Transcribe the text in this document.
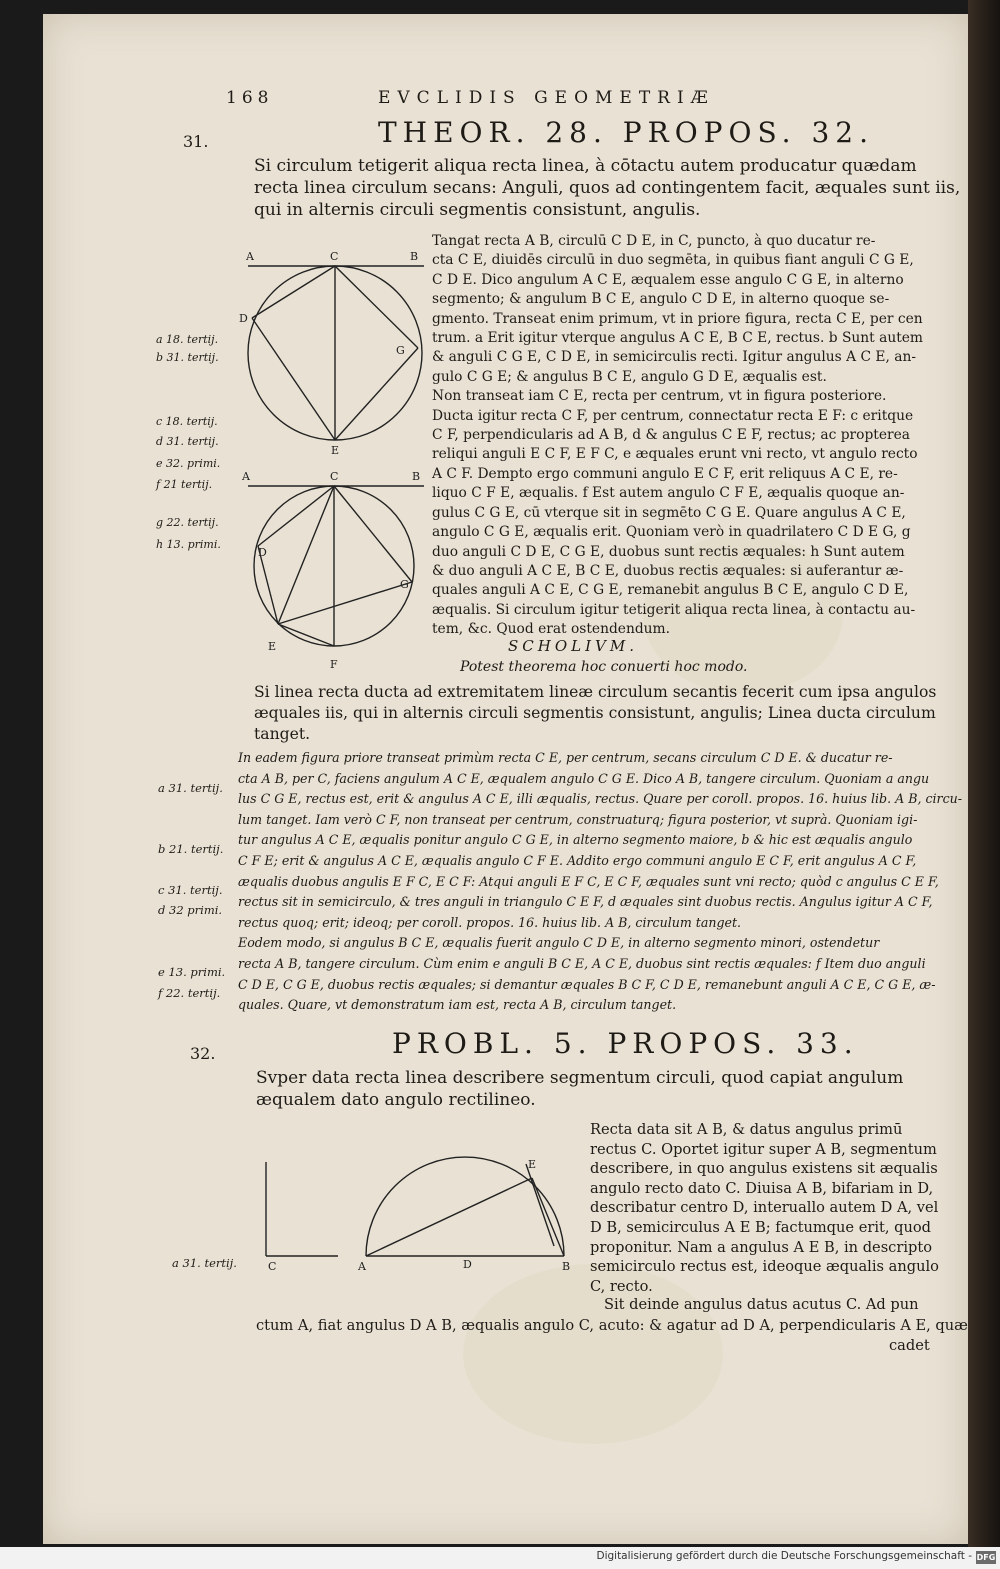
168	EVCLIDIS GEOMETRIÆ
31.	THEOR. 28. PROPOS. 32.
Si circulum tetigerit aliqua recta linea, à cōtactu autem producatur quædam
recta linea circulum secans: Anguli, quos ad contingentem facit, æquales sunt iis,
qui in alternis circuli segmentis consistunt, angulis.
A	C	B
D
G
E
A	C	B
D
G
E
F
a 18. tertij.
b 31. tertij.
c 18. tertij.
d 31. tertij.
e 32. primi.
f 21 tertij.
g 22. tertij.
h 13. primi.
Tangat recta A B, circulū C D E, in C, puncto, à quo ducatur re-
cta C E, diuidēs circulū in duo segmēta, in quibus fiant anguli C G E,
C D E. Dico angulum A C E, æqualem esse angulo C G E, in alterno
segmento; & angulum B C E, angulo C D E, in alterno quoque se-
gmento. Transeat enim primum, vt in priore figura, recta C E, per cen
trum. a Erit igitur vterque angulus A C E, B C E, rectus. b Sunt autem
& anguli C G E, C D E, in semicirculis recti. Igitur angulus A C E, an-
gulo C G E; & angulus B C E, angulo G D E, æqualis est.
Non transeat iam C E, recta per centrum, vt in figura posteriore.
Ducta igitur recta C F, per centrum, connectatur recta E F: c eritque
C F, perpendicularis ad A B, d & angulus C E F, rectus; ac propterea
reliqui anguli E C F, E F C, e æquales erunt vni recto, vt angulo recto
A C F. Dempto ergo communi angulo E C F, erit reliquus A C E, re-
liquo C F E, æqualis. f Est autem angulo C F E, æqualis quoque an-
gulus C G E, cū vterque sit in segmēto C G E. Quare angulus A C E,
angulo C G E, æqualis erit. Quoniam verò in quadrilatero C D E G, g
duo anguli C D E, C G E, duobus sunt rectis æquales: h Sunt autem
& duo anguli A C E, B C E, duobus rectis æquales: si auferantur æ-
quales anguli A C E, C G E, remanebit angulus B C E, angulo C D E,
æqualis. Si circulum igitur tetigerit aliqua recta linea, à contactu au-
tem, &c. Quod erat ostendendum.
SCHOLIVM.
Potest theorema hoc conuerti hoc modo.
Si linea recta ducta ad extremitatem lineæ circulum secantis fecerit cum ipsa angulos
æquales iis, qui in alternis circuli segmentis consistunt, angulis; Linea ducta circulum
tanget.
a 31. tertij.
b 21. tertij.
c 31. tertij.
d 32 primi.
e 13. primi.
f 22. tertij.
In eadem figura priore transeat primùm recta C E, per centrum, secans circulum C D E. & ducatur re-
cta A B, per C, faciens angulum A C E, æqualem angulo C G E. Dico A B, tangere circulum. Quoniam a angu
lus C G E, rectus est, erit & angulus A C E, illi æqualis, rectus. Quare per coroll. propos. 16. huius lib. A B, circu-
lum tanget. Iam verò C F, non transeat per centrum, construaturq; figura posterior, vt suprà. Quoniam igi-
tur angulus A C E, æqualis ponitur angulo C G E, in alterno segmento maiore, b & hic est æqualis angulo
C F E; erit & angulus A C E, æqualis angulo C F E. Addito ergo communi angulo E C F, erit angulus A C F,
æqualis duobus angulis E F C, E C F: Atqui anguli E F C, E C F, æquales sunt vni recto; quòd c angulus C E F,
rectus sit in semicirculo, & tres anguli in triangulo C E F, d æquales sint duobus rectis. Angulus igitur A C F,
rectus quoq; erit; ideoq; per coroll. propos. 16. huius lib. A B, circulum tanget.
Eodem modo, si angulus B C E, æqualis fuerit angulo C D E, in alterno segmento minori, ostendetur
recta A B, tangere circulum. Cùm enim e anguli B C E, A C E, duobus sint rectis æquales: f Item duo anguli
C D E, C G E, duobus rectis æquales; si demantur æquales B C F, C D E, remanebunt anguli A C E, C G E, æ-
quales. Quare, vt demonstratum iam est, recta A B, circulum tanget.
32.	PROBL. 5. PROPOS. 33.
Svper data recta linea describere segmentum circuli, quod capiat angulum
æqualem dato angulo rectilineo.
C	A	D	B
E
a 31. tertij.
Recta data sit A B, & datus angulus primū
rectus C. Oportet igitur super A B, segmentum
describere, in quo angulus existens sit æqualis
angulo recto dato C. Diuisa A B, bifariam in D,
describatur centro D, interuallo autem D A, vel
D B, semicirculus A E B; factumque erit, quod
proponitur. Nam a angulus A E B, in descripto
semicirculo rectus est, ideoque æqualis angulo
C, recto.
Sit deinde angulus datus acutus C. Ad pun
ctum A, fiat angulus D A B, æqualis angulo C, acuto: & agatur ad D A, perpendicularis A E, quæ
cadet
Digitalisierung gefördert durch die Deutsche Forschungsgemeinschaft - DFG
